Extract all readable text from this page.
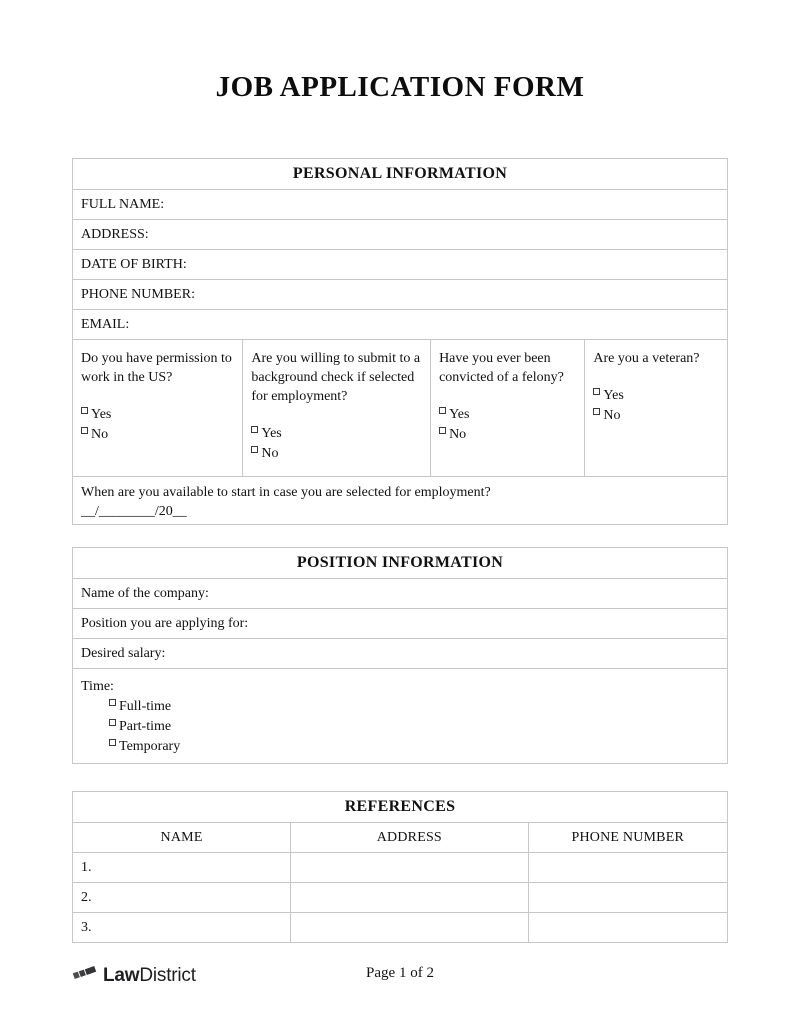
JOB APPLICATION FORM
PERSONAL INFORMATION
FULL NAME:
ADDRESS:
DATE OF BIRTH:
PHONE NUMBER:
EMAIL:
Do you have permission to work in the US?
Yes
No
Are you willing to submit to a background check if selected for employment?
Yes
No
Have you ever been convicted of a felony?
Yes
No
Are you a veteran?
Yes
No
When are you available to start in case you are selected for employment?
__/________/20__
POSITION INFORMATION
Name of the company:
Position you are applying for:
Desired salary:
Time:
Full-time
Part-time
Temporary
REFERENCES
NAME	ADDRESS	PHONE NUMBER
1.
2.
3.
Law District	Page 1 of 2
